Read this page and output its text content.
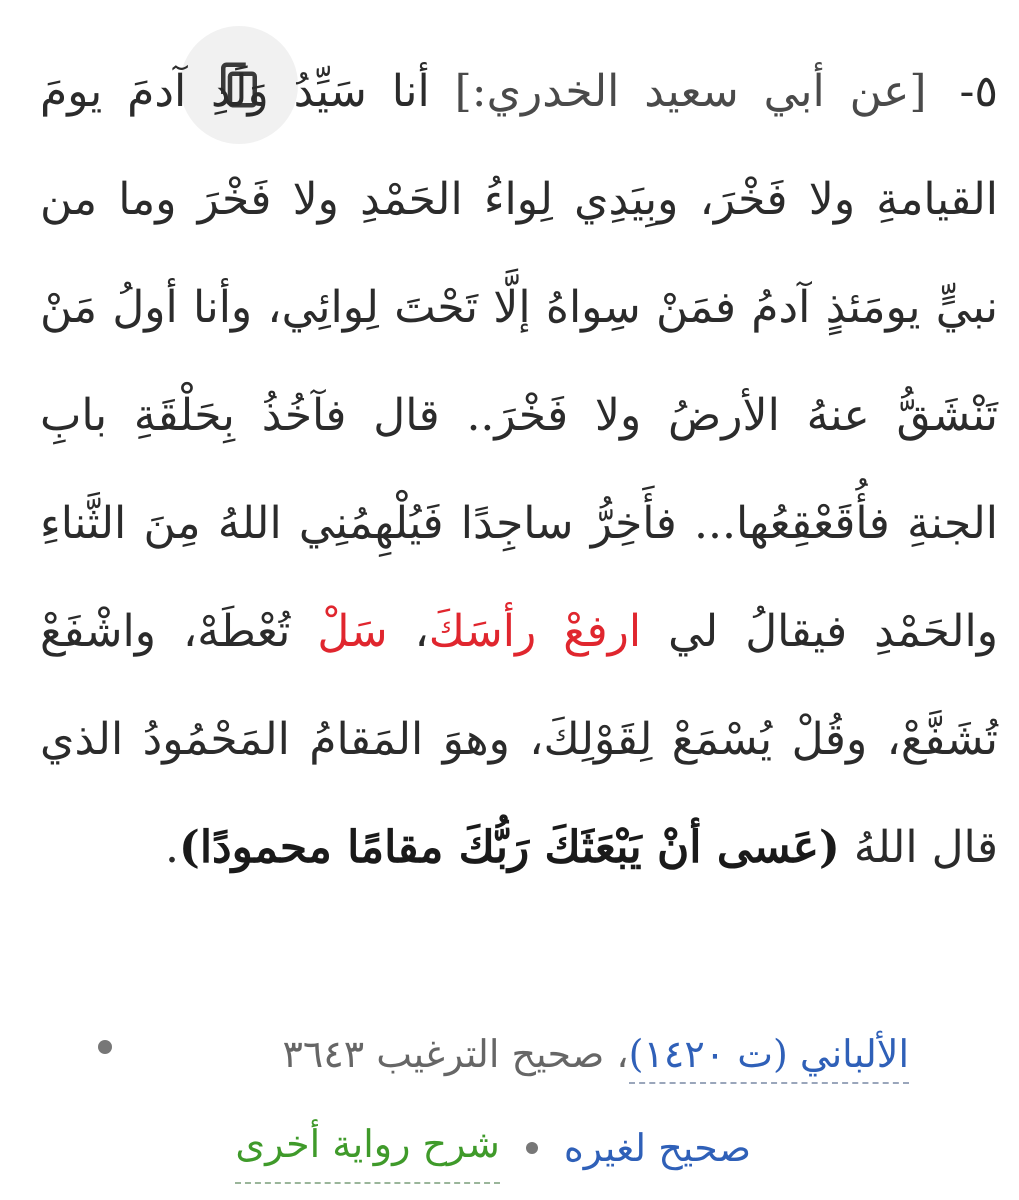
٥- [عن أبي سعيد الخدري:] أنا سَيِّدُ وَلَدِ آدمَ يومَ القيامةِ ولا فَخْرَ، وبِيَدِي لِواءُ الحَمْدِ ولا فَخْرَ وما من نبيٍّ يومَئذٍ آدمُ فمَنْ سِواهُ إلَّا تَحْتَ لِوائِي، وأنا أولُ مَنْ تَنْشَقُّ عنهُ الأرضُ ولا فَخْرَ.. قال فآخُذُ بِحَلْقَةِ بابِ الجنةِ فأُقَعْقِعُها... فأَخِرُّ ساجِدًا فَيُلْهِمُنِي اللهُ مِنَ الثَّناءِ والحَمْدِ فيقالُ لي ارفعْ رأسَكَ، سَلْ تُعْطَهْ، واشْفَعْ تُشَفَّعْ، وقُلْ يُسْمَعْ لِقَوْلِكَ، وهوَ المَقامُ المَحْمُودُ الذي قال اللهُ (عَسى أنْ يَبْعَثَكَ رَبُّكَ مقامًا محمودًا).
الألباني (ت ١٤٢٠)، صحيح الترغيب ٣٦٤٣
صحيح لغيره
شرح رواية أخرى
